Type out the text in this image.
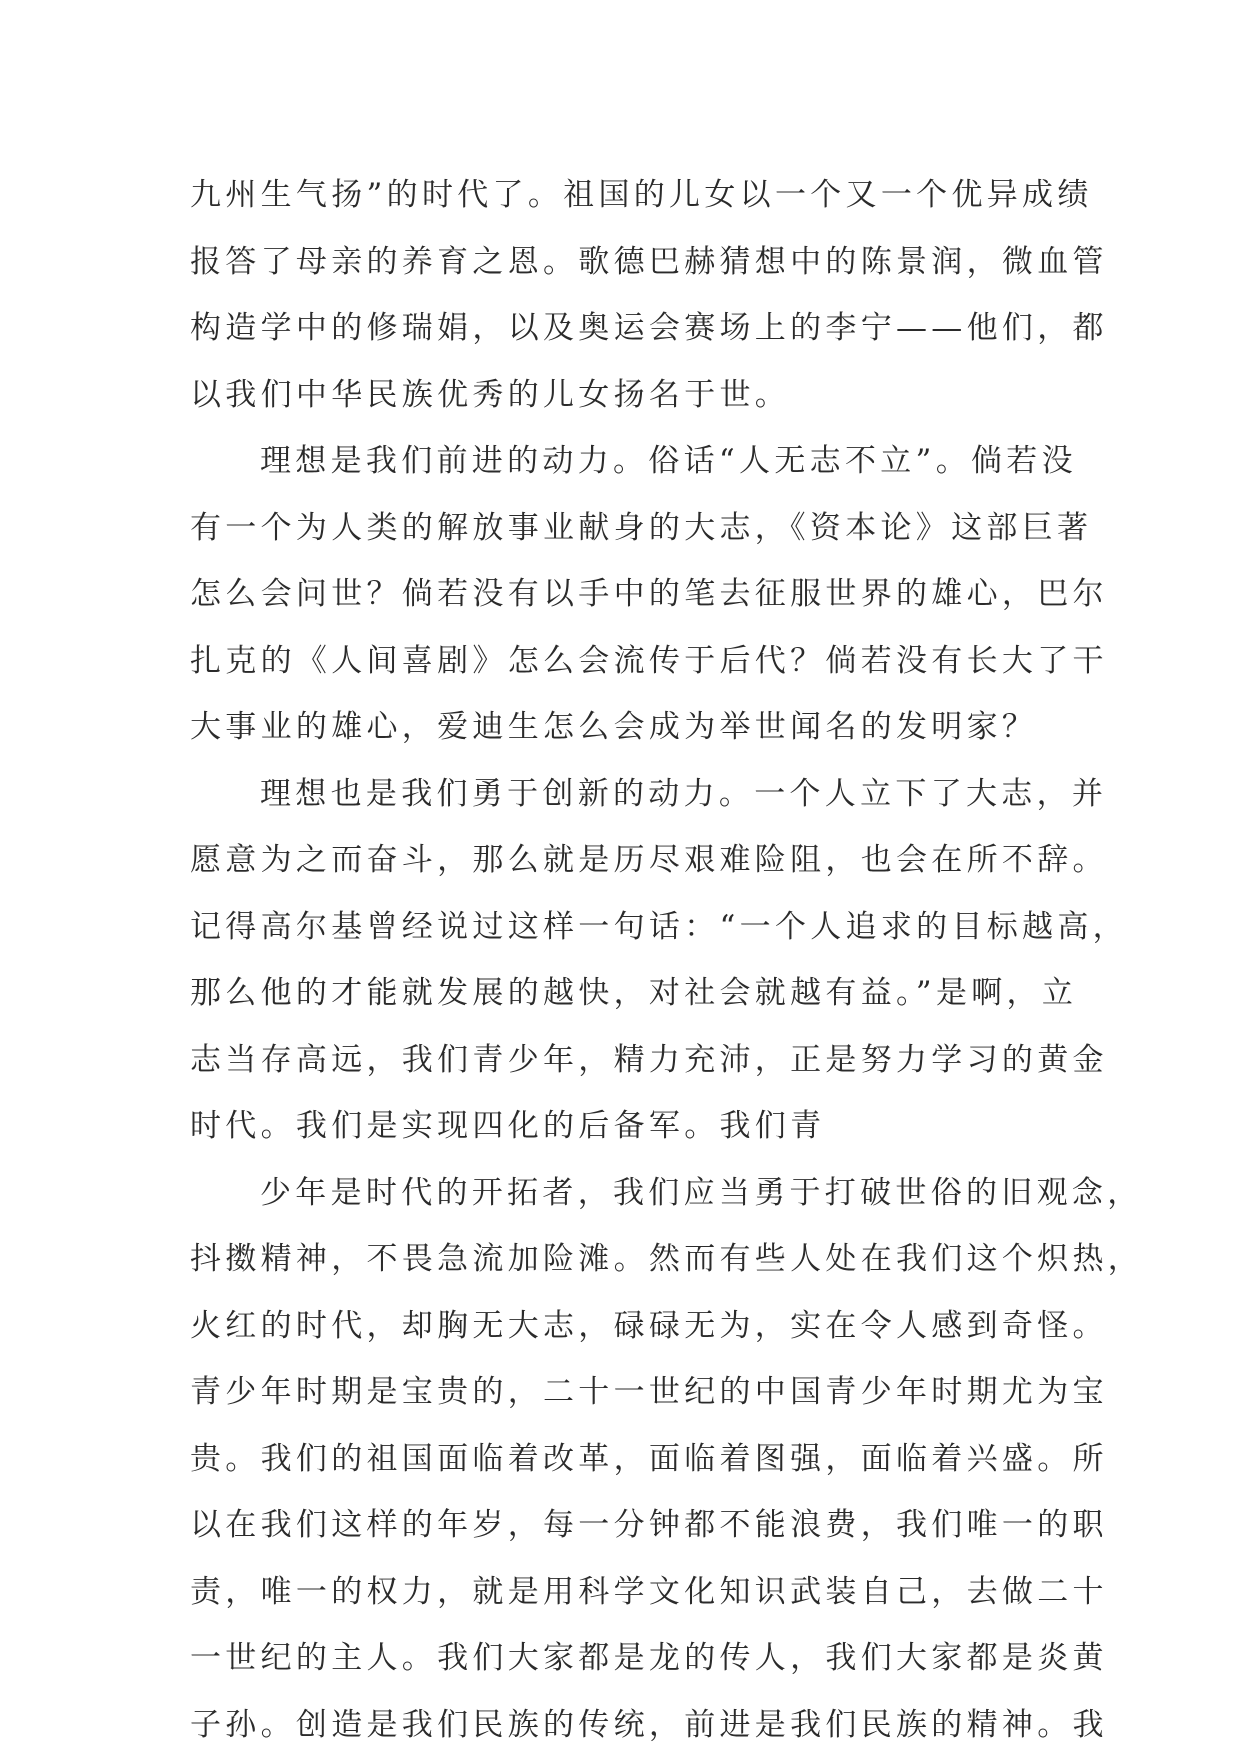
九州生气扬”的时代了。祖国的儿女以一个又一个优异成绩
报答了母亲的养育之恩。歌德巴赫猜想中的陈景润，微血管
构造学中的修瑞娟，以及奥运会赛场上的李宁——他们，都
以我们中华民族优秀的儿女扬名于世。
理想是我们前进的动力。俗话“人无志不立”。倘若没
有一个为人类的解放事业献身的大志，《资本论》这部巨著
怎么会问世？倘若没有以手中的笔去征服世界的雄心，巴尔
扎克的《人间喜剧》怎么会流传于后代？倘若没有长大了干
大事业的雄心，爱迪生怎么会成为举世闻名的发明家？
理想也是我们勇于创新的动力。一个人立下了大志，并
愿意为之而奋斗，那么就是历尽艰难险阻，也会在所不辞。
记得高尔基曾经说过这样一句话：“一个人追求的目标越高，
那么他的才能就发展的越快，对社会就越有益。”是啊，立
志当存高远，我们青少年，精力充沛，正是努力学习的黄金
时代。我们是实现四化的后备军。我们青
少年是时代的开拓者，我们应当勇于打破世俗的旧观念，
抖擞精神，不畏急流加险滩。然而有些人处在我们这个炽热，
火红的时代，却胸无大志，碌碌无为，实在令人感到奇怪。
青少年时期是宝贵的，二十一世纪的中国青少年时期尤为宝
贵。我们的祖国面临着改革，面临着图强，面临着兴盛。所
以在我们这样的年岁，每一分钟都不能浪费，我们唯一的职
责，唯一的权力，就是用科学文化知识武装自己，去做二十
一世纪的主人。我们大家都是龙的传人，我们大家都是炎黄
子孙。创造是我们民族的传统，前进是我们民族的精神。我
